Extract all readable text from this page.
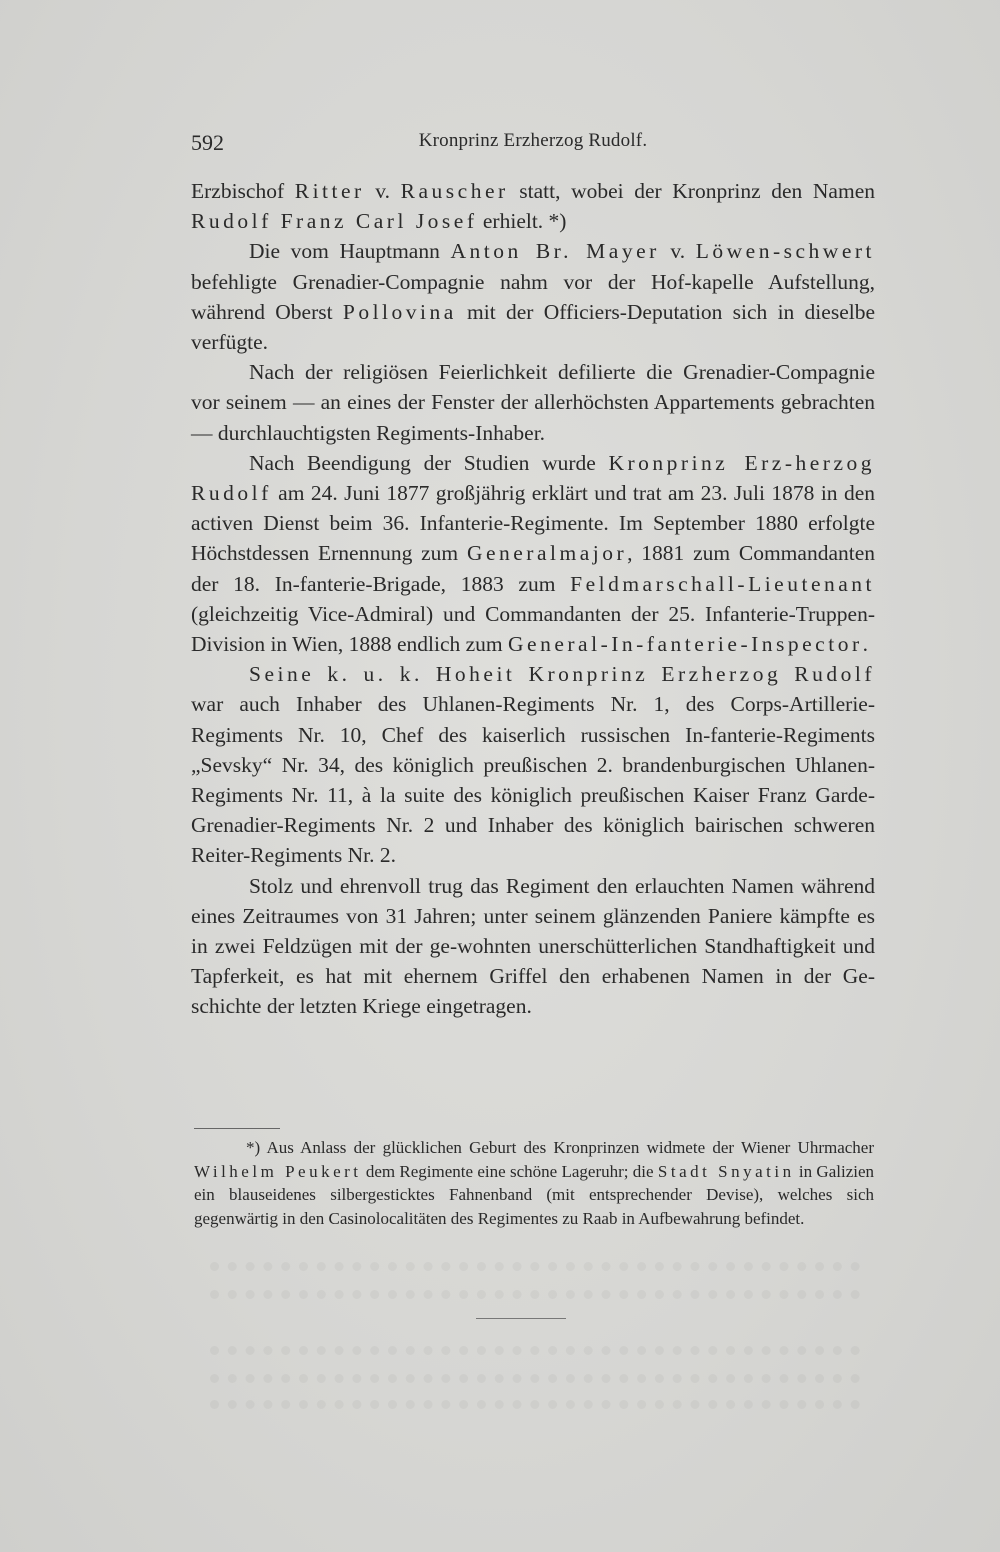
592	Kronprinz Erzherzog Rudolf.

Erzbischof Ritter v. Rauscher statt, wobei der Kronprinz den Namen Rudolf Franz Carl Josef erhielt. *)

Die vom Hauptmann Anton Br. Mayer v. Löwen-schwert befehligte Grenadier-Compagnie nahm vor der Hof-kapelle Aufstellung, während Oberst Pollovina mit der Officiers-Deputation sich in dieselbe verfügte.

Nach der religiösen Feierlichkeit defilierte die Grenadier-Compagnie vor seinem — an eines der Fenster der allerhöchsten Appartements gebrachten — durchlauchtigsten Regiments-Inhaber.

Nach Beendigung der Studien wurde Kronprinz Erz-herzog Rudolf am 24. Juni 1877 großjährig erklärt und trat am 23. Juli 1878 in den activen Dienst beim 36. Infanterie-Regimente. Im September 1880 erfolgte Höchstdessen Ernennung zum Generalmajor, 1881 zum Commandanten der 18. In-fanterie-Brigade, 1883 zum Feldmarschall-Lieutenant (gleichzeitig Vice-Admiral) und Commandanten der 25. Infanterie-Truppen-Division in Wien, 1888 endlich zum General-In-fanterie-Inspector.

Seine k. u. k. Hoheit Kronprinz Erzherzog Rudolf war auch Inhaber des Uhlanen-Regiments Nr. 1, des Corps-Artillerie-Regiments Nr. 10, Chef des kaiserlich russischen In-fanterie-Regiments „Sevsky“ Nr. 34, des königlich preußischen 2. brandenburgischen Uhlanen-Regiments Nr. 11, à la suite des königlich preußischen Kaiser Franz Garde-Grenadier-Regiments Nr. 2 und Inhaber des königlich bairischen schweren Reiter-Regiments Nr. 2.

Stolz und ehrenvoll trug das Regiment den erlauchten Namen während eines Zeitraumes von 31 Jahren; unter seinem glänzenden Paniere kämpfte es in zwei Feldzügen mit der ge-wohnten unerschütterlichen Standhaftigkeit und Tapferkeit, es hat mit ehernem Griffel den erhabenen Namen in der Ge-schichte der letzten Kriege eingetragen.

*) Aus Anlass der glücklichen Geburt des Kronprinzen widmete der Wiener Uhrmacher Wilhelm Peukert dem Regimente eine schöne Lageruhr; die Stadt Snyatin in Galizien ein blauseidenes silbergesticktes Fahnenband (mit entsprechender Devise), welches sich gegenwärtig in den Casinolocalitäten des Regimentes zu Raab in Aufbewahrung befindet.
